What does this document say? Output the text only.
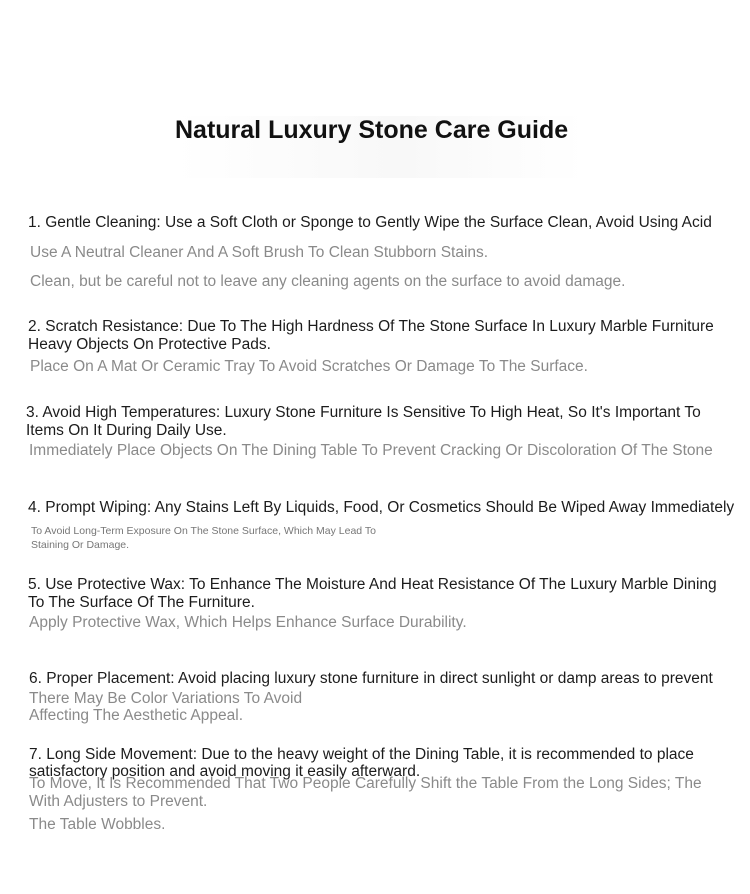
Natural Luxury Stone Care Guide
1. Gentle Cleaning: Use a Soft Cloth or Sponge to Gently Wipe the Surface Clean, Avoid Using Acid
Use A Neutral Cleaner And A Soft Brush To Clean Stubborn Stains.
Clean, but be careful not to leave any cleaning agents on the surface to avoid damage.
2. Scratch Resistance: Due To The High Hardness Of The Stone Surface In Luxury Marble Furniture
Heavy Objects On Protective Pads.
Place On A Mat Or Ceramic Tray To Avoid Scratches Or Damage To The Surface.
3. Avoid High Temperatures: Luxury Stone Furniture Is Sensitive To High Heat, So It's Important To
Items On It During Daily Use.
Immediately Place Objects On The Dining Table To Prevent Cracking Or Discoloration Of The Stone
4. Prompt Wiping: Any Stains Left By Liquids, Food, Or Cosmetics Should Be Wiped Away Immediately
To Avoid Long-Term Exposure On The Stone Surface, Which May Lead To
Staining Or Damage.
5. Use Protective Wax: To Enhance The Moisture And Heat Resistance Of The Luxury Marble Dining
To The Surface Of The Furniture.
Apply Protective Wax, Which Helps Enhance Surface Durability.
6. Proper Placement: Avoid placing luxury stone furniture in direct sunlight or damp areas to prevent
There May Be Color Variations To Avoid
Affecting The Aesthetic Appeal.
7. Long Side Movement: Due to the heavy weight of the Dining Table, it is recommended to place
satisfactory position and avoid moving it easily afterward.
To Move, It Is Recommended That Two People Carefully Shift the Table From the Long Sides; The
With Adjusters to Prevent.
The Table Wobbles.
